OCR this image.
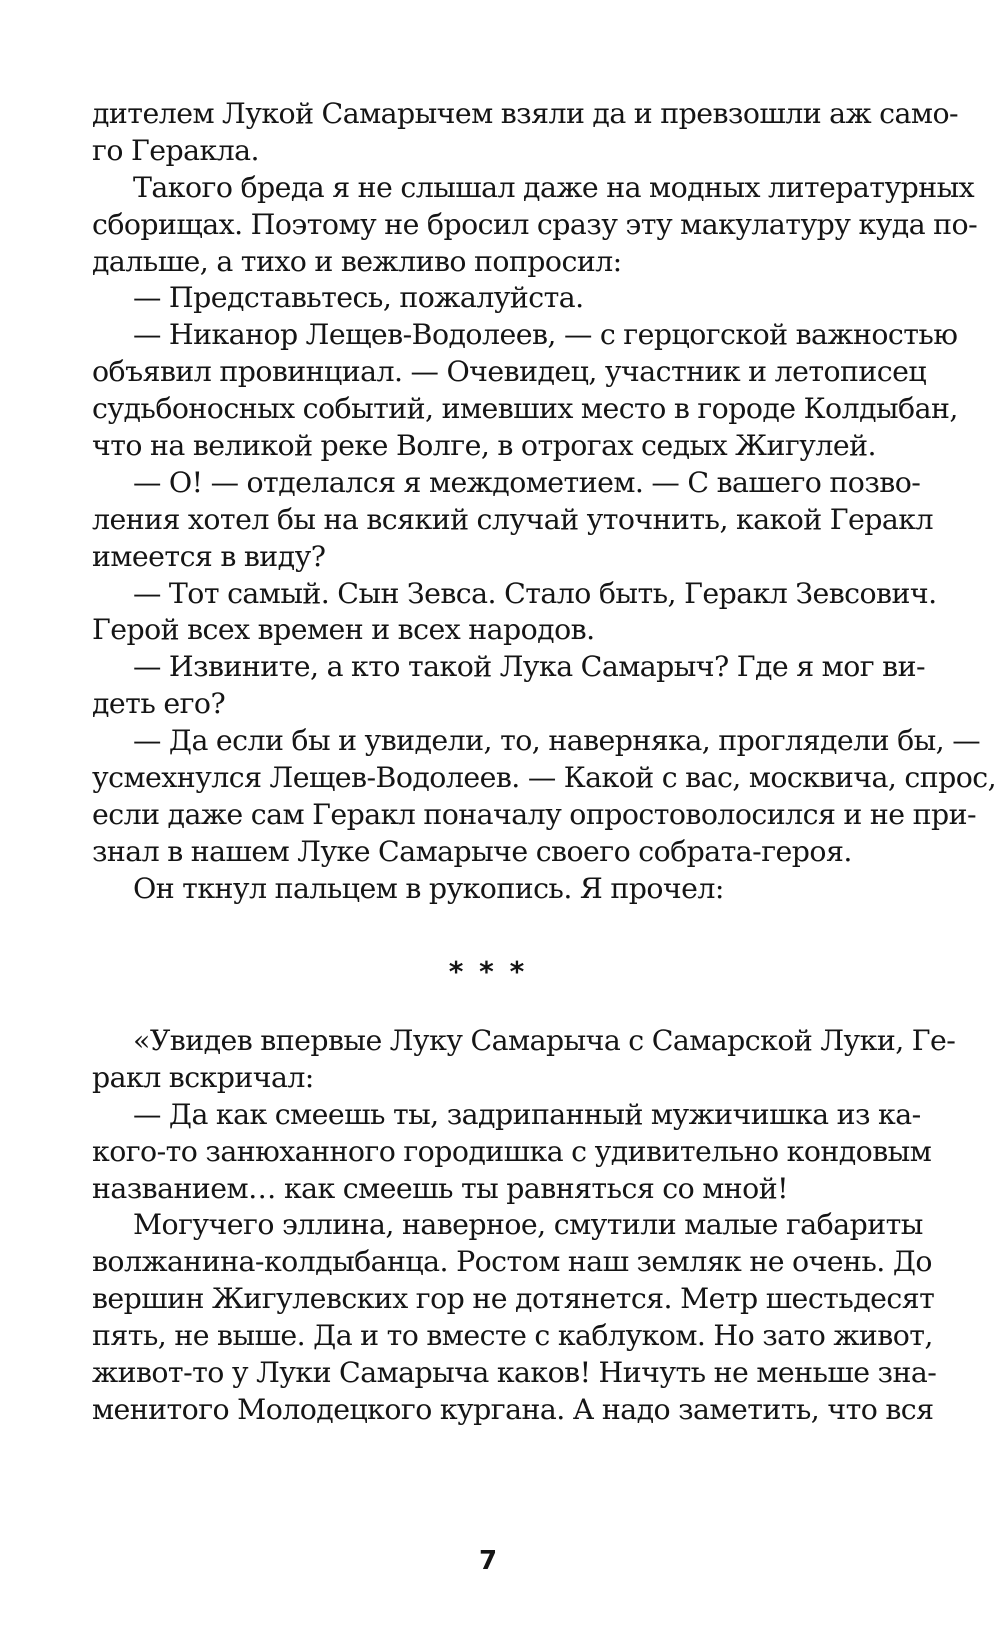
дителем Лукой Самарычем взяли да и превзошли аж само-
го Геракла.
Такого бреда я не слышал даже на модных литературных
сборищах. Поэтому не бросил сразу эту макулатуру куда по-
дальше, а тихо и вежливо попросил:
— Представьтесь, пожалуйста.
— Никанор Лещев-Водолеев, — с герцогской важностью
объявил провинциал. — Очевидец, участник и летописец
судьбоносных событий, имевших место в городе Колдыбан,
что на великой реке Волге, в отрогах седых Жигулей.
— О! — отделался я междометием. — С вашего позво-
ления хотел бы на всякий случай уточнить, какой Геракл
имеется в виду?
— Тот самый. Сын Зевса. Стало быть, Геракл Зевсович.
Герой всех времен и всех народов.
— Извините, а кто такой Лука Самарыч? Где я мог ви-
деть его?
— Да если бы и увидели, то, наверняка, проглядели бы, —
усмехнулся Лещев-Водолеев. — Какой с вас, москвича, спрос,
если даже сам Геракл поначалу опростоволосился и не при-
знал в нашем Луке Самарыче своего собрата-героя.
Он ткнул пальцем в рукопись. Я прочел:
* * *
«Увидев впервые Луку Самарыча с Самарской Луки, Ге-
ракл вскричал:
— Да как смеешь ты, задрипанный мужичишка из ка-
кого-то занюханного городишка с удивительно кондовым
названием… как смеешь ты равняться со мной!
Могучего эллина, наверное, смутили малые габариты
волжанина-колдыбанца. Ростом наш земляк не очень. До
вершин Жигулевских гор не дотянется. Метр шестьдесят
пять, не выше. Да и то вместе с каблуком. Но зато живот,
живот-то у Луки Самарыча каков! Ничуть не меньше зна-
менитого Молодецкого кургана. А надо заметить, что вся
7
